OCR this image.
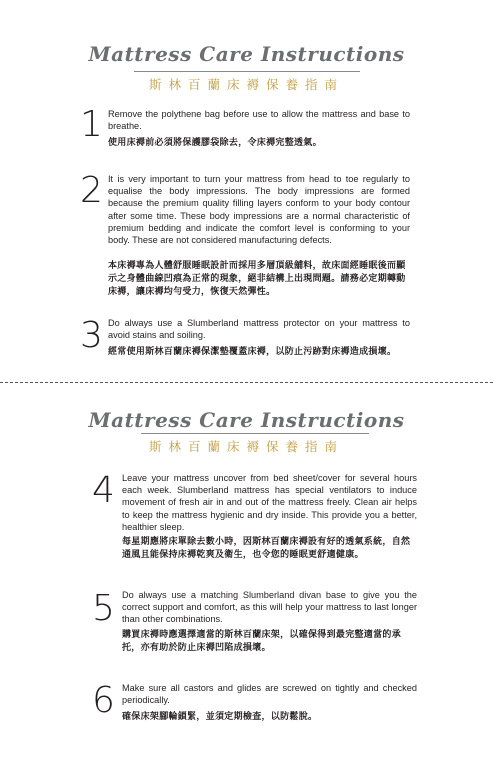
Mattress Care Instructions
斯林百蘭床褥保養指南
1 Remove the polythene bag before use to allow the mattress and base to breathe.
使用床褥前必須將保護膠袋除去，令床褥完整透氣。
2 It is very important to turn your mattress from head to toe regularly to equalise the body impressions. The body impressions are formed because the premium quality filling layers conform to your body contour after some time. These body impressions are a normal characteristic of premium bedding and indicate the comfort level is conforming to your body. These are not considered manufacturing defects.
本床褥專為人體舒服睡眠設計而採用多層頂級舖料，故床面經睡眠後而顯示之身體曲線凹痕為正常的現象，絕非結構上出現問題。請務必定期轉動床褥，讓床褥均勻受力，恢復天然彈性。
3 Do always use a Slumberland mattress protector on your mattress to avoid stains and soiling.
經常使用斯林百蘭床褥保潔墊覆蓋床褥，以防止污跡對床褥造成損壞。
Mattress Care Instructions
斯林百蘭床褥保養指南
4 Leave your mattress uncover from bed sheet/cover for several hours each week. Slumberland mattress has special ventilators to induce movement of fresh air in and out of the mattress freely. Clean air helps to keep the mattress hygienic and dry inside. This provide you a better, healthier sleep.
每星期應將床單除去數小時，因斯林百蘭床褥設有好的透氣系統，自然通風且能保持床褥乾爽及衛生，也令您的睡眠更舒適健康。
5 Do always use a matching Slumberland divan base to give you the correct support and comfort, as this will help your mattress to last longer than other combinations.
購買床褥時應選擇適當的斯林百蘭床架，以確保得到最完整適當的承托，亦有助於防止床褥凹陷成損壞。
6 Make sure all castors and glides are screwed on tightly and checked periodically.
確保床架腳輪鎖緊，並須定期檢查，以防鬆脫。
